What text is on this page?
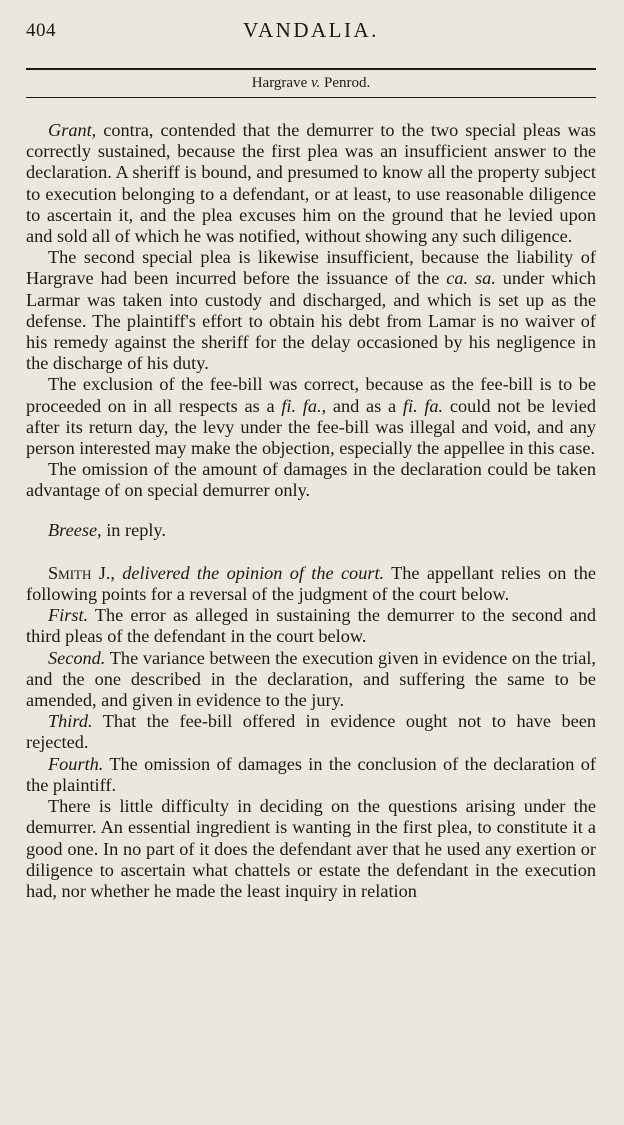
404	VANDALIA.
Hargrave v. Penrod.

Grant, contra, contended that the demurrer to the two special pleas was correctly sustained, because the first plea was an insufficient answer to the declaration. A sheriff is bound, and presumed to know all the property subject to execution belonging to a defendant, or at least, to use reasonable diligence to ascertain it, and the plea excuses him on the ground that he levied upon and sold all of which he was notified, without showing any such diligence.

The second special plea is likewise insufficient, because the liability of Hargrave had been incurred before the issuance of the ca. sa. under which Larmar was taken into custody and discharged, and which is set up as the defense. The plaintiff's effort to obtain his debt from Lamar is no waiver of his remedy against the sheriff for the delay occasioned by his negligence in the discharge of his duty.

The exclusion of the fee-bill was correct, because as the fee-bill is to be proceeded on in all respects as a fi. fa., and as a fi. fa. could not be levied after its return day, the levy under the fee-bill was illegal and void, and any person interested may make the objection, especially the appellee in this case.

The omission of the amount of damages in the declaration could be taken advantage of on special demurrer only.

Breese, in reply.

Smith J., delivered the opinion of the court. The appellant relies on the following points for a reversal of the judgment of the court below.

First. The error as alleged in sustaining the demurrer to the second and third pleas of the defendant in the court below.

Second. The variance between the execution given in evidence on the trial, and the one described in the declaration, and suffering the same to be amended, and given in evidence to the jury.

Third. That the fee-bill offered in evidence ought not to have been rejected.

Fourth. The omission of damages in the conclusion of the declaration of the plaintiff.

There is little difficulty in deciding on the questions arising under the demurrer. An essential ingredient is wanting in the first plea, to constitute it a good one. In no part of it does the defendant aver that he used any exertion or diligence to ascertain what chattels or estate the defendant in the execution had, nor whether he made the least inquiry in relation
